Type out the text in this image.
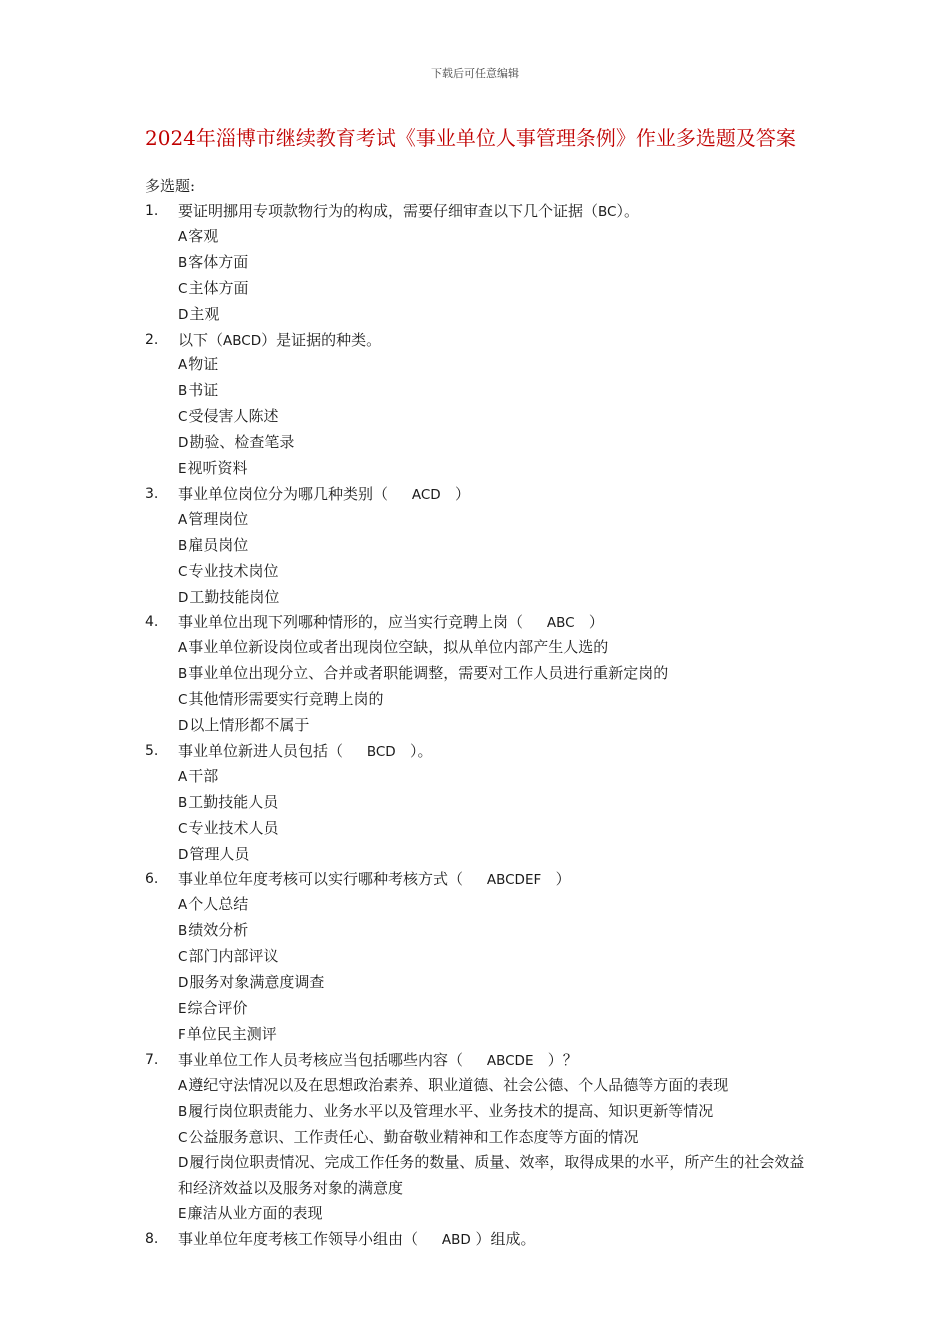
下载后可任意编辑
2024年淄博市继续教育考试《事业单位人事管理条例》作业多选题及答案
多选题:
1. 要证明挪用专项款物行为的构成，需要仔细审查以下几个证据（BC）。
A客观
B客体方面
C主体方面
D主观
2. 以下（ABCD）是证据的种类。
A物证
B书证
C受侵害人陈述
D勘验、检查笔录
E视听资料
3. 事业单位岗位分为哪几种类别（ ACD ）
A管理岗位
B雇员岗位
C专业技术岗位
D工勤技能岗位
4. 事业单位出现下列哪种情形的，应当实行竞聘上岗（ ABC ）
A事业单位新设岗位或者出现岗位空缺，拟从单位内部产生人选的
B事业单位出现分立、合并或者职能调整，需要对工作人员进行重新定岗的
C其他情形需要实行竞聘上岗的
D以上情形都不属于
5. 事业单位新进人员包括（ BCD ）。
A干部
B工勤技能人员
C专业技术人员
D管理人员
6. 事业单位年度考核可以实行哪种考核方式（ ABCDEF ）
A个人总结
B绩效分析
C部门内部评议
D服务对象满意度调查
E综合评价
F单位民主测评
7. 事业单位工作人员考核应当包括哪些内容（ ABCDE ）？
A遵纪守法情况以及在思想政治素养、职业道德、社会公德、个人品德等方面的表现
B履行岗位职责能力、业务水平以及管理水平、业务技术的提高、知识更新等情况
C公益服务意识、工作责任心、勤奋敬业精神和工作态度等方面的情况
D履行岗位职责情况、完成工作任务的数量、质量、效率，取得成果的水平，所产生的社会效益和经济效益以及服务对象的满意度
E廉洁从业方面的表现
8. 事业单位年度考核工作领导小组由（ ABD ）组成。
